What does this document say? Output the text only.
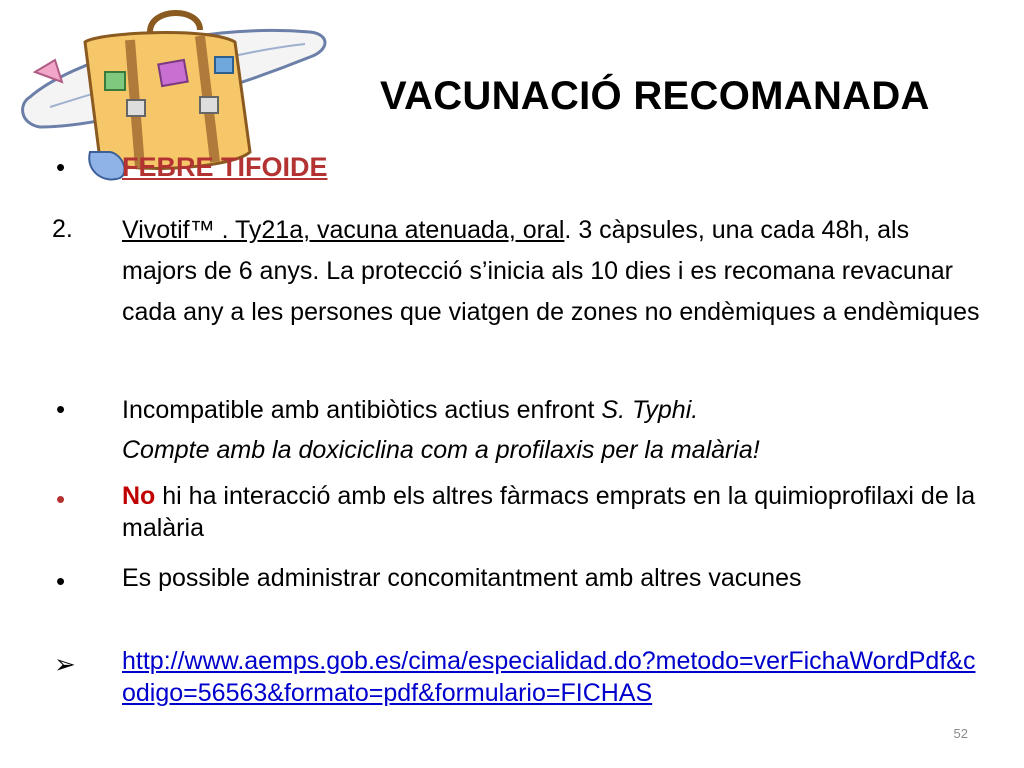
VACUNACIÓ RECOMANADA
• FEBRE TIFOIDE
2. Vivotif™ . Ty21a, vacuna atenuada, oral. 3 càpsules, una cada 48h, als majors de 6 anys. La protecció s’inicia als 10 dies i es recomana revacunar cada any a les persones que viatgen de zones no endèmiques a endèmiques
• Incompatible amb antibiòtics actius enfront S. Typhi.
Compte amb la doxiciclina com a profilaxis per la malària!
• No hi ha interacció amb els altres fàrmacs emprats en la quimioprofilaxi de la malària
• Es possible administrar concomitantment amb altres vacunes
➢ http://www.aemps.gob.es/cima/especialidad.do?metodo=verFichaWordPdf&codigo=56563&formato=pdf&formulario=FICHAS
52
